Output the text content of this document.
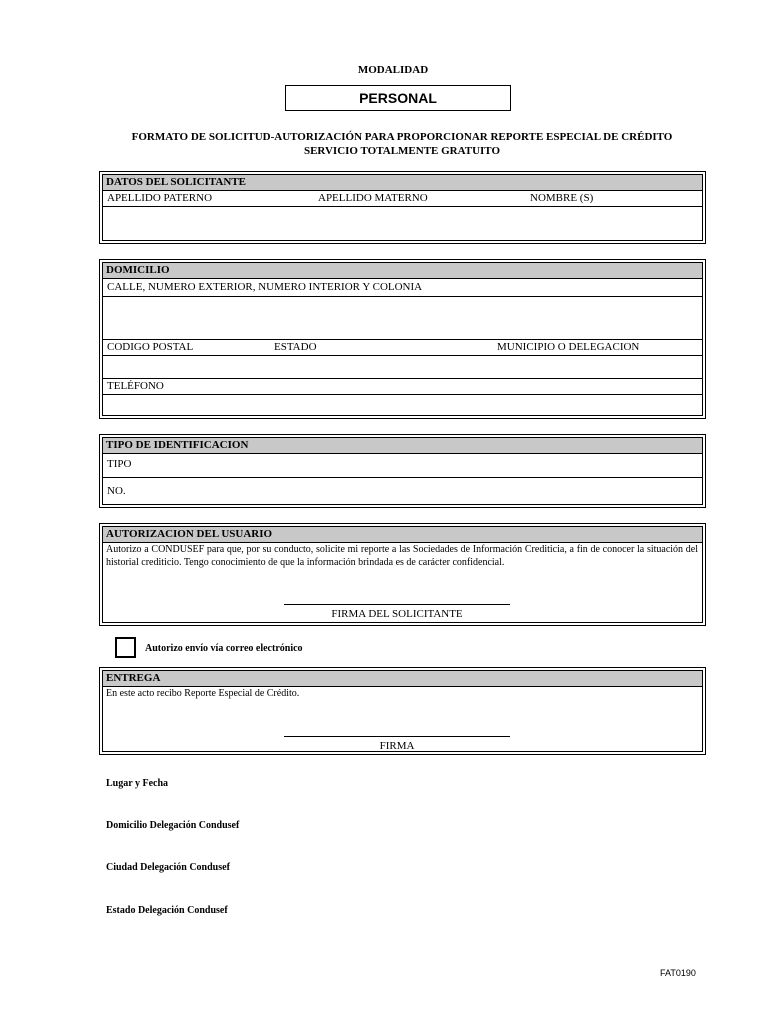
MODALIDAD
PERSONAL
FORMATO DE SOLICITUD-AUTORIZACIÓN PARA PROPORCIONAR REPORTE ESPECIAL DE CRÉDITO
SERVICIO TOTALMENTE GRATUITO
DATOS DEL SOLICITANTE
APELLIDO PATERNO	APELLIDO MATERNO	NOMBRE (S)
DOMICILIO
CALLE, NUMERO EXTERIOR, NUMERO INTERIOR Y COLONIA
CODIGO POSTAL	ESTADO	MUNICIPIO O DELEGACION
TELÉFONO
TIPO DE IDENTIFICACION
TIPO
NO.
AUTORIZACION DEL USUARIO
Autorizo a CONDUSEF para que, por su conducto, solicite mi reporte a las Sociedades de Información Crediticia, a fin de conocer la situación del historial crediticio. Tengo conocimiento de que la información brindada es de carácter confidencial.
FIRMA DEL SOLICITANTE
Autorizo envío vía correo electrónico
ENTREGA
En este acto recibo Reporte Especial de Crédito.
FIRMA
Lugar y Fecha
Domicilio Delegación Condusef
Ciudad Delegación Condusef
Estado Delegación Condusef
FAT0190
